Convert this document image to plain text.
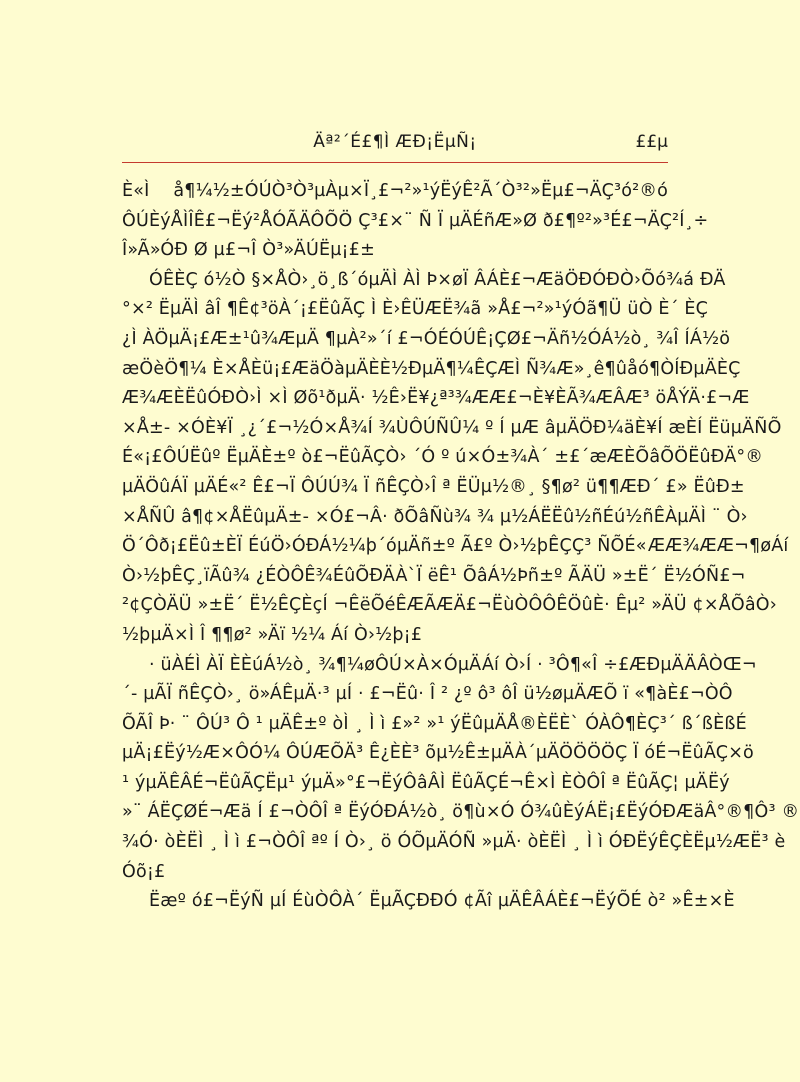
Äª²´É£¶Ì ÆÐ¡ËµÑ¡	££µ
È«Ì å¶¼½±ÓÚÒ³Ò³µÀµ×Ï¸£¬²»¹ýËýÊ²Ã´Ò³²»Ëµ£¬ÄÇ³ó²®ó
ÔÚÈýÅÌÎÊ£¬Ëý²ÅÓÃÄÔÕÖ Ç³£×¨ Ñ Ï µÄÉñÆ»Ø ð£¶º²»³É£¬ÄÇ²Í¸÷
Î»Ã»ÓÐ Ø µ£¬Î Ò³»ÄÚËµ¡£±
ÓÊÈÇ ó½Ò §×ÅÒ›¸ö¸ß´óµÄÌ ÀÌ Þ×øÏ ÂÁÈ£¬ÆäÖÐÓÐÒ›Õó¾á ÐÄ
°×² ËµÄÌ âÎ ¶Ê¢³öÀ´¡£ËûÃÇ Ì È›ÊÜÆË¾ã »Å£¬²»¹ýÓã¶Ü üÒ È´ ÈÇ
¿Ì ÀÖµÄ¡£Æ±¹û¾ÆµÄ ¶µÀ²»´í £¬ÓÉÓÚÊ¡ÇØ£¬Äñ½ÓÁ½ò¸ ¾Î ÍÁ½ö
æÖèÖ¶¼ È×ÅÈü¡£ÆäÖàµÄÈÈ½ÐµÄ¶¼ÊÇÆÌ Ñ¾Æ»¸ê¶ûåó¶ÒÍÐµÄÈÇ
Æ¾ÆÈËûÓÐÒ›Ì ×Ì Øõ¹ðµÄ· ½Ê›Ë¥¿ª³¾ÆÆ£¬È¥ÈÃ¾ÆÂÆ³ öÅÝÄ·£¬Æ
×Å±- ×ÓÈ¥Ï ¸¿´£¬½Ó×Å¾Í ¾ÙÔÚÑÛ¼ º Í µÆ âµÄÖÐ¼äÈ¥Í æÈÍ ËüµÄÑÕ
É«¡£ÔÚËûº ËµÄÈ±º ò£¬ËûÃÇÒ› ´Ó º ú×Ó±¾À´ ±£´æÆÈÕâÕÖËûÐÄ°®
µÄÖûÁÏ µÄÉ«² Ê£¬Ï ÔÚÚ¾ Ï ñÊÇÒ›Î ª ËÜµ½®¸ §¶ø² ü¶¶ÆÐ´ £» ËûÐ±
×ÅÑÛ â¶¢×ÅËûµÄ±- ×Ó£¬Â· ðÕâÑù¾ ¾ µ½ÁËËû½ñÉú½ñÊÀµÄÌ ¨ Ò›
Ö´Ôð¡£Ëû±ÈÏ ÉúÖ›ÓÐÁ½¼þ´óµÄñ±º Ã£º Ò›½þÊÇÇ³ ÑÕÉ«ÆÆ¾ÆÆ¬¶øÁí
Ò›½þÊÇ¸ïÃû¾ ¿ÉÒÔÊ¾ÉûÕÐÄÀ`Ï ëÊ¹ ÕâÁ½Þñ±º ÃÄÜ »±Ë´ Ë½ÓÑ£¬
²¢ÇÒÄÜ »±Ë´ Ë½ÊÇÈçÍ ¬ÊëÕéÊÆÃÆÄ£¬ËùÒÔÔÊÖûÈ· Êµ² »ÄÜ ¢×ÅÕâÒ›
½þµÄ×Ì Î ¶¶ø² »Äï ½¼ Áí Ò›½þ¡£
· üÀÉÌ ÀÏ ÈÈúÁ½ò¸ ¾¶¼øÔÚ×À×ÓµÄÁí Ò›Í · ³Ô¶«Î ÷£ÆÐµÄÄÂÒŒ¬
´- µÃÏ ñÊÇÒ›¸ ö»ÁÊµÄ·³ µÍ · £¬Ëû· Î ² ¿º ô³ ôÎ ü½øµÄÆÕ ï «¶àÈ£¬ÒÔ
ÕÃÎ Þ· ¨ ÔÚ³ Ô ¹ µÄÊ±º òÌ ¸ Ì ì £»² »¹ ýËûµÄÅ®ÈËÈ` ÓÀÔ¶ÈÇ³´ ß´ßÈßÉ
µÄ¡£Ëý½Æ×ÔÓ¼ ÔÚÆÕÄ³ Ê¿ÈÈ³ õµ½Ê±µÄÀ´µÄÖÖÖÖÇ Ï óÉ¬ËûÃÇ×ö
¹ ýµÄÊÂÉ¬ËûÃÇËµ¹ ýµÄ»°£¬ËýÔâÂÌ ËûÃÇÉ¬Ê×Ì ÈÒÔÎ ª ËûÃÇ¦ µÄËý
»¨ ÁËÇØÉ¬Æä Í £¬ÒÔÎ ª ËýÓÐÁ½ò¸ ö¶ù×Ó Ó¾ûÈýÁË¡£ËýÓÐÆäÂ°®¶Ô³ ®
¾Ó· òÈËÌ ¸ Ì ì £¬ÒÔÎ ªº Í Ò›¸ ö ÓÕµÄÓÑ »µÄ· òÈËÌ ¸ Ì ì ÓÐËýÊÇÈËµ½ÆË³ è
Óõ¡£
Ëæº ó£¬ËýÑ µÍ ÉùÒÔÀ´ ËµÃÇÐÐÓ ¢Ãî µÄÊÂÁÈ£¬ËýÕÉ ò² »Ê±×È
